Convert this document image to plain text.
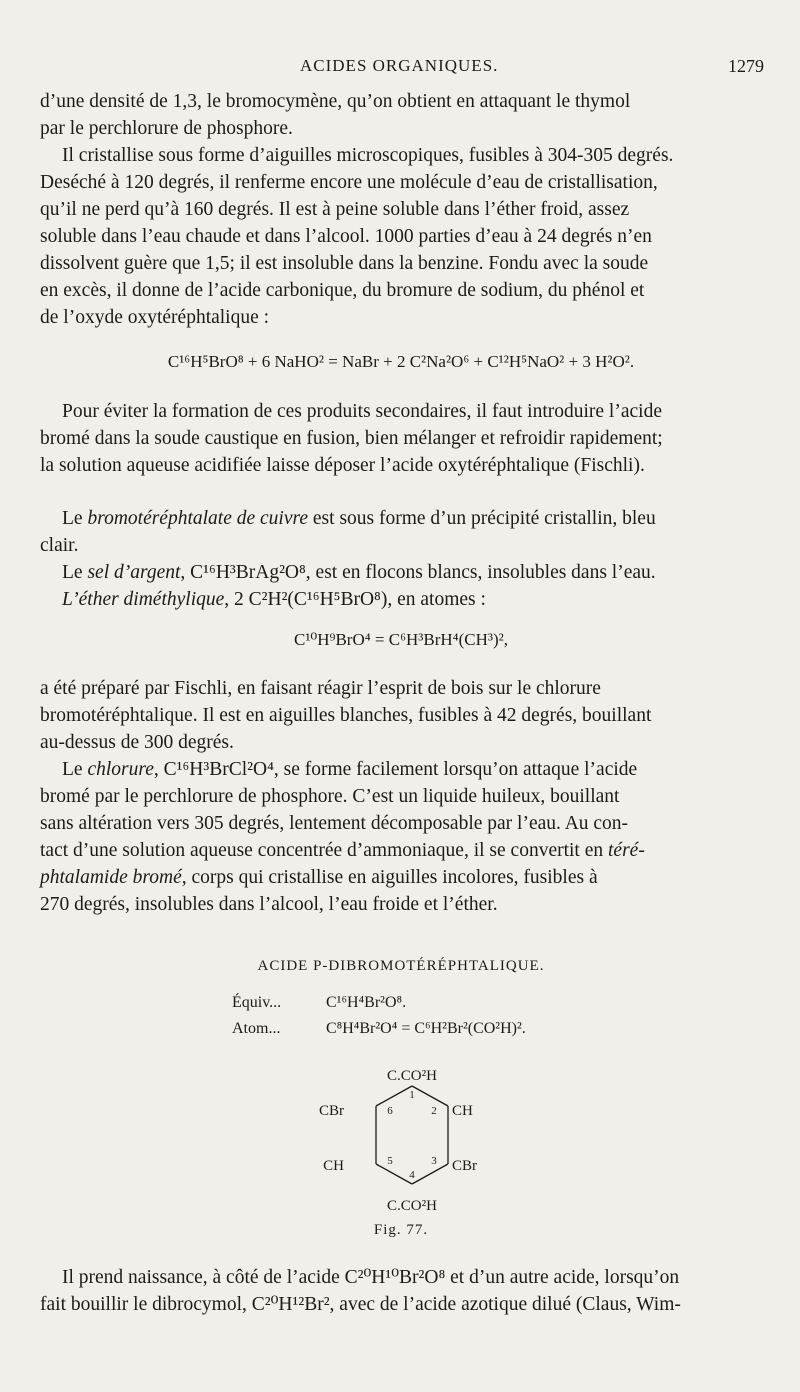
ACIDES ORGANIQUES.	1279

d’une densité de 1,3, le bromocymène, qu’on obtient en attaquant le thymol

par le perchlorure de phosphore.

Il cristallise sous forme d’aiguilles microscopiques, fusibles à 304-305 degrés.

Deséché à 120 degrés, il renferme encore une molécule d’eau de cristallisation,

qu’il ne perd qu’à 160 degrés. Il est à peine soluble dans l’éther froid, assez

soluble dans l’eau chaude et dans l’alcool. 1000 parties d’eau à 24 degrés n’en

dissolvent guère que 1,5; il est insoluble dans la benzine. Fondu avec la soude

en excès, il donne de l’acide carbonique, du bromure de sodium, du phénol et

de l’oxyde oxytéréphtalique :

C¹⁶H⁵BrO⁸ + 6 NaHO² = NaBr + 2 C²Na²O⁶ + C¹²H⁵NaO² + 3 H²O².

Pour éviter la formation de ces produits secondaires, il faut introduire l’acide

bromé dans la soude caustique en fusion, bien mélanger et refroidir rapidement;

la solution aqueuse acidifiée laisse déposer l’acide oxytéréphtalique (Fischli).

Le bromotéréphtalate de cuivre est sous forme d’un précipité cristallin, bleu

clair.

Le sel d’argent, C¹⁶H³BrAg²O⁸, est en flocons blancs, insolubles dans l’eau.

L’éther diméthylique, 2 C²H²(C¹⁶H⁵BrO⁸), en atomes :

C¹⁰H⁹BrO⁴ = C⁶H³BrH⁴(CH³)²,

a été préparé par Fischli, en faisant réagir l’esprit de bois sur le chlorure

bromotéréphtalique. Il est en aiguilles blanches, fusibles à 42 degrés, bouillant

au-dessus de 300 degrés.

Le chlorure, C¹⁶H³BrCl²O⁴, se forme facilement lorsqu’on attaque l’acide

bromé par le perchlorure de phosphore. C’est un liquide huileux, bouillant

sans altération vers 305 degrés, lentement décomposable par l’eau. Au con-

tact d’une solution aqueuse concentrée d’ammoniaque, il se convertit en téré-

phtalamide bromé, corps qui cristallise en aiguilles incolores, fusibles à

270 degrés, insolubles dans l’alcool, l’eau froide et l’éther.

ACIDE P-DIBROMOTÉRÉPHTALIQUE.
Équiv...	C¹⁶H⁴Br²O⁸.
Atom...	C⁸H⁴Br²O⁴ = C⁶H²Br²(CO²H)².
C.CO²H
C.CO²H
CBr	CH
CH	CBr
1
2
3
4
5
6
Fig. 77.

Il prend naissance, à côté de l’acide C²⁰H¹⁰Br²O⁸ et d’un autre acide, lorsqu’on

fait bouillir le dibrocymol, C²⁰H¹²Br², avec de l’acide azotique dilué (Claus, Wim-
